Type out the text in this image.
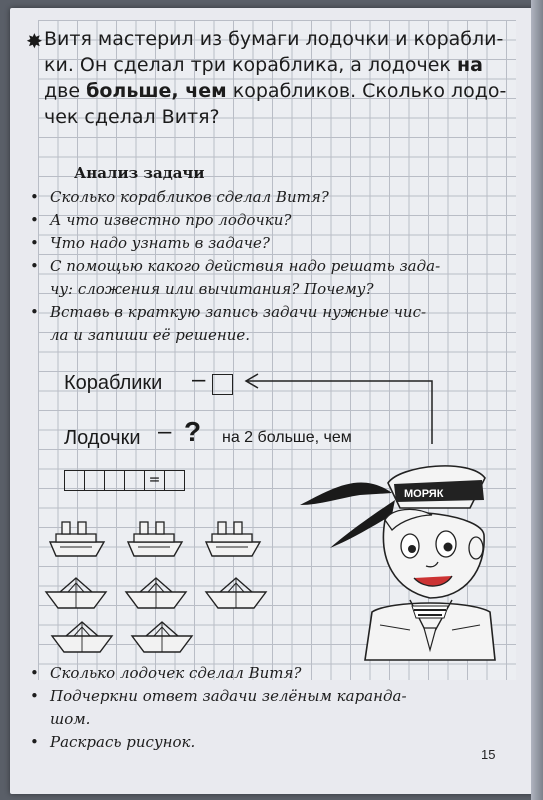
✸ Витя мастерил из бумаги лодочки и корабли-
ки. Он сделал три кораблика, а лодочек на
две больше, чем корабликов. Сколько лодо-
чек сделал Витя?
Анализ задачи
• Сколько корабликов сделал Витя?
• А что известно про лодочки?
• Что надо узнать в задаче?
• С помощью какого действия надо решать зада-
чу: сложения или вычитания? Почему?
• Вставь в краткую запись задачи нужные чис-
ла и запиши её решение.
Кораблики –
Лодочки – ? на 2 больше, чем
=
МОРЯК
• Сколько лодочек сделал Витя?
• Подчеркни ответ задачи зелёным каранда-
шом.
• Раскрась рисунок.
15
